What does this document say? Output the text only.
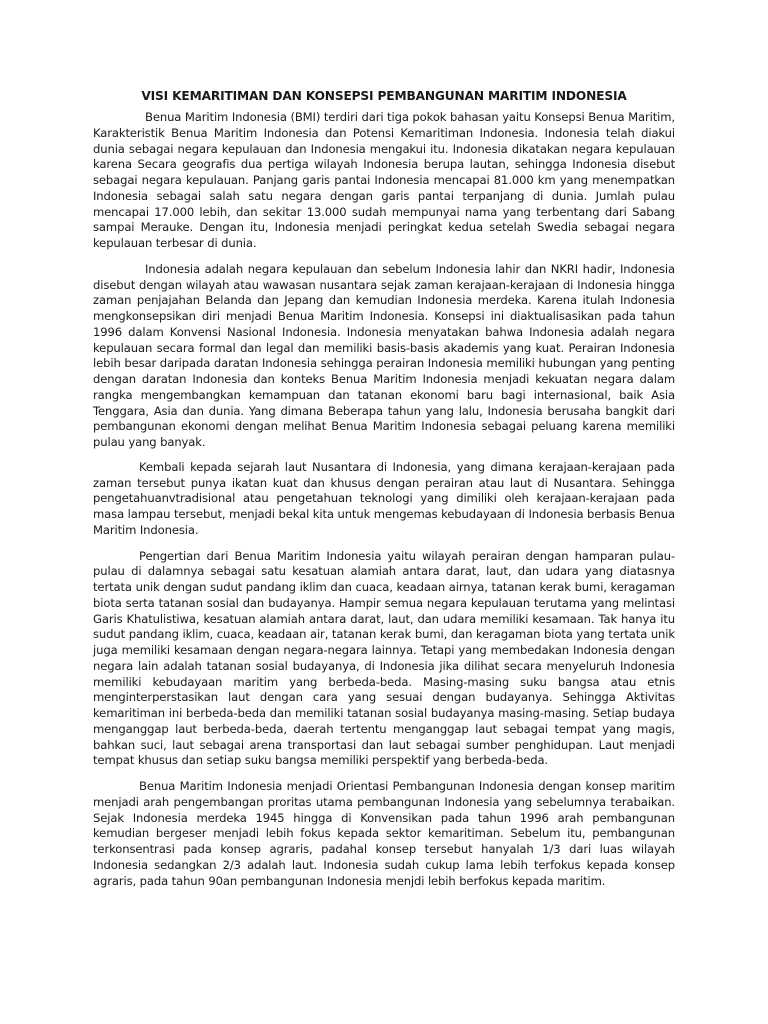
VISI KEMARITIMAN DAN KONSEPSI PEMBANGUNAN MARITIM INDONESIA

Benua Maritim Indonesia (BMI) terdiri dari tiga pokok bahasan yaitu Konsepsi Benua Maritim, Karakteristik Benua Maritim Indonesia dan Potensi Kemaritiman Indonesia. Indonesia telah diakui dunia sebagai negara kepulauan dan Indonesia mengakui itu. Indonesia dikatakan negara kepulauan karena Secara geografis dua pertiga wilayah Indonesia berupa lautan, sehingga Indonesia disebut sebagai negara kepulauan. Panjang garis pantai Indonesia mencapai 81.000 km yang menempatkan Indonesia sebagai salah satu negara dengan garis pantai terpanjang di dunia. Jumlah pulau mencapai 17.000 lebih, dan sekitar 13.000 sudah mempunyai nama yang terbentang dari Sabang sampai Merauke. Dengan itu, Indonesia menjadi peringkat kedua setelah Swedia sebagai negara kepulauan terbesar di dunia.

Indonesia adalah negara kepulauan dan sebelum Indonesia lahir dan NKRI hadir, Indonesia disebut dengan wilayah atau wawasan nusantara sejak zaman kerajaan-kerajaan di Indonesia hingga zaman penjajahan Belanda dan Jepang dan kemudian Indonesia merdeka. Karena itulah Indonesia mengkonsepsikan diri menjadi Benua Maritim Indonesia. Konsepsi ini diaktualisasikan pada tahun 1996 dalam Konvensi Nasional Indonesia. Indonesia menyatakan bahwa Indonesia adalah negara kepulauan secara formal dan legal dan memiliki basis-basis akademis yang kuat. Perairan Indonesia lebih besar daripada daratan Indonesia sehingga perairan Indonesia memiliki hubungan yang penting dengan daratan Indonesia dan konteks Benua Maritim Indonesia menjadi kekuatan negara dalam rangka mengembangkan kemampuan dan tatanan ekonomi baru bagi internasional, baik Asia Tenggara, Asia dan dunia. Yang dimana Beberapa tahun yang lalu, Indonesia berusaha bangkit dari pembangunan ekonomi dengan melihat Benua Maritim Indonesia sebagai peluang karena memiliki pulau yang banyak.

Kembali kepada sejarah laut Nusantara di Indonesia, yang dimana kerajaan-kerajaan pada zaman tersebut punya ikatan kuat dan khusus dengan perairan atau laut di Nusantara. Sehingga pengetahuanvtradisional atau pengetahuan teknologi yang dimiliki oleh kerajaan-kerajaan pada masa lampau tersebut, menjadi bekal kita untuk mengemas kebudayaan di Indonesia berbasis Benua Maritim Indonesia.

Pengertian dari Benua Maritim Indonesia yaitu wilayah perairan dengan hamparan pulau-pulau di dalamnya sebagai satu kesatuan alamiah antara darat, laut, dan udara yang diatasnya tertata unik dengan sudut pandang iklim dan cuaca, keadaan airnya, tatanan kerak bumi, keragaman biota serta tatanan sosial dan budayanya. Hampir semua negara kepulauan terutama yang melintasi Garis Khatulistiwa, kesatuan alamiah antara darat, laut, dan udara memiliki kesamaan. Tak hanya itu sudut pandang iklim, cuaca, keadaan air, tatanan kerak bumi, dan keragaman biota yang tertata unik juga memiliki kesamaan dengan negara-negara lainnya. Tetapi yang membedakan Indonesia dengan negara lain adalah tatanan sosial budayanya, di Indonesia jika dilihat secara menyeluruh Indonesia memiliki kebudayaan maritim yang berbeda-beda. Masing-masing suku bangsa atau etnis menginterperstasikan laut dengan cara yang sesuai dengan budayanya. Sehingga Aktivitas kemaritiman ini berbeda-beda dan memiliki tatanan sosial budayanya masing-masing. Setiap budaya menganggap laut berbeda-beda, daerah tertentu menganggap laut sebagai tempat yang magis, bahkan suci, laut sebagai arena transportasi dan laut sebagai sumber penghidupan. Laut menjadi tempat khusus dan setiap suku bangsa memiliki perspektif yang berbeda-beda.

Benua Maritim Indonesia menjadi Orientasi Pembangunan Indonesia dengan konsep maritim menjadi arah pengembangan proritas utama pembangunan Indonesia yang sebelumnya terabaikan. Sejak Indonesia merdeka 1945 hingga di Konvensikan pada tahun 1996 arah pembangunan kemudian bergeser menjadi lebih fokus kepada sektor kemaritiman. Sebelum itu, pembangunan terkonsentrasi pada konsep agraris, padahal konsep tersebut hanyalah 1/3 dari luas wilayah Indonesia sedangkan 2/3 adalah laut. Indonesia sudah cukup lama lebih terfokus kepada konsep agraris, pada tahun 90an pembangunan Indonesia menjdi lebih berfokus kepada maritim.
